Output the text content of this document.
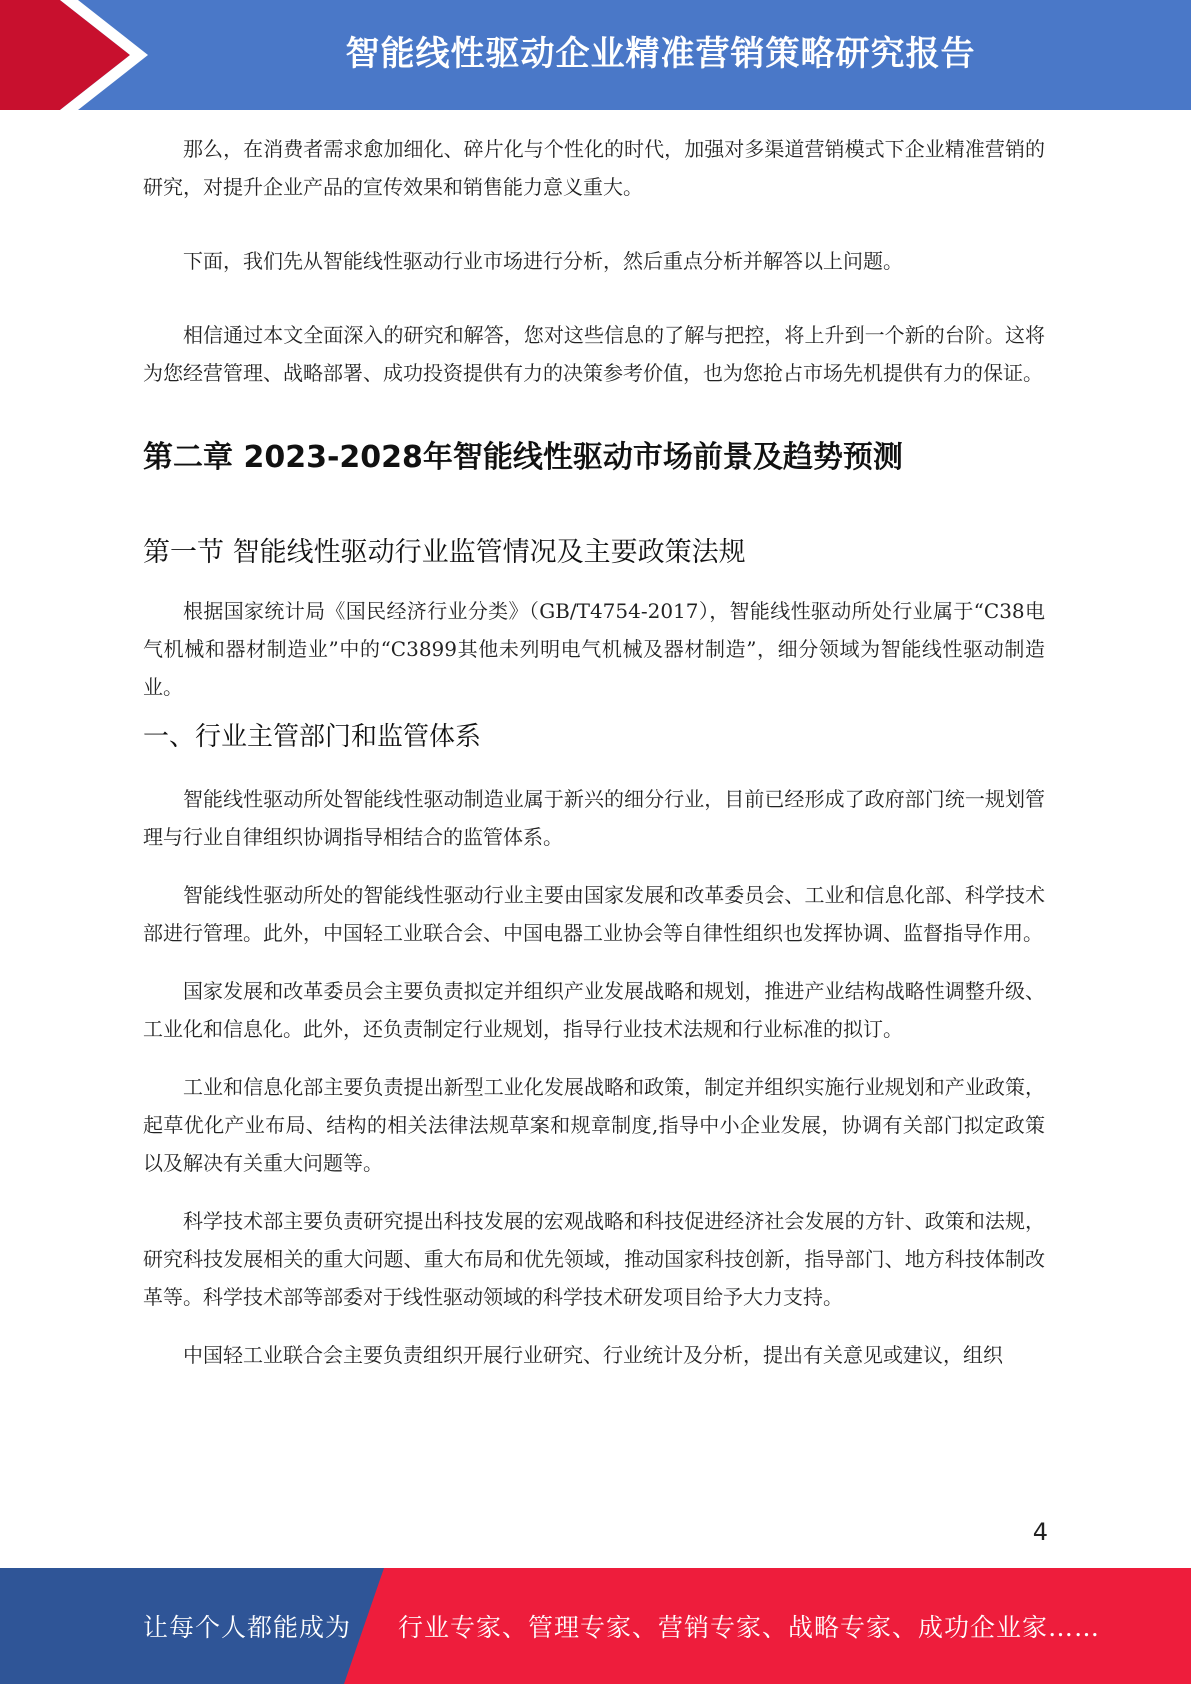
智能线性驱动企业精准营销策略研究报告

那么，在消费者需求愈加细化、碎片化与个性化的时代，加强对多渠道营销模式下企业精准营销的研究，对提升企业产品的宣传效果和销售能力意义重大。

下面，我们先从智能线性驱动行业市场进行分析，然后重点分析并解答以上问题。

相信通过本文全面深入的研究和解答，您对这些信息的了解与把控，将上升到一个新的台阶。这将为您经营管理、战略部署、成功投资提供有力的决策参考价值，也为您抢占市场先机提供有力的保证。

第二章 2023-2028年智能线性驱动市场前景及趋势预测
第一节 智能线性驱动行业监管情况及主要政策法规

根据国家统计局《国民经济行业分类》（GB/T4754-2017），智能线性驱动所处行业属于“C38电气机械和器材制造业”中的“C3899其他未列明电气机械及器材制造”，细分领域为智能线性驱动制造业。

一、行业主管部门和监管体系

智能线性驱动所处智能线性驱动制造业属于新兴的细分行业，目前已经形成了政府部门统一规划管理与行业自律组织协调指导相结合的监管体系。

智能线性驱动所处的智能线性驱动行业主要由国家发展和改革委员会、工业和信息化部、科学技术部进行管理。此外，中国轻工业联合会、中国电器工业协会等自律性组织也发挥协调、监督指导作用。

国家发展和改革委员会主要负责拟定并组织产业发展战略和规划，推进产业结构战略性调整升级、工业化和信息化。此外，还负责制定行业规划，指导行业技术法规和行业标准的拟订。

工业和信息化部主要负责提出新型工业化发展战略和政策，制定并组织实施行业规划和产业政策，起草优化产业布局、结构的相关法律法规草案和规章制度,指导中小企业发展，协调有关部门拟定政策以及解决有关重大问题等。

科学技术部主要负责研究提出科技发展的宏观战略和科技促进经济社会发展的方针、政策和法规，研究科技发展相关的重大问题、重大布局和优先领域，推动国家科技创新，指导部门、地方科技体制改革等。科学技术部等部委对于线性驱动领域的科学技术研发项目给予大力支持。

中国轻工业联合会主要负责组织开展行业研究、行业统计及分析，提出有关意见或建议，组织

4
让每个人都能成为 行业专家、管理专家、营销专家、战略专家、成功企业家……
